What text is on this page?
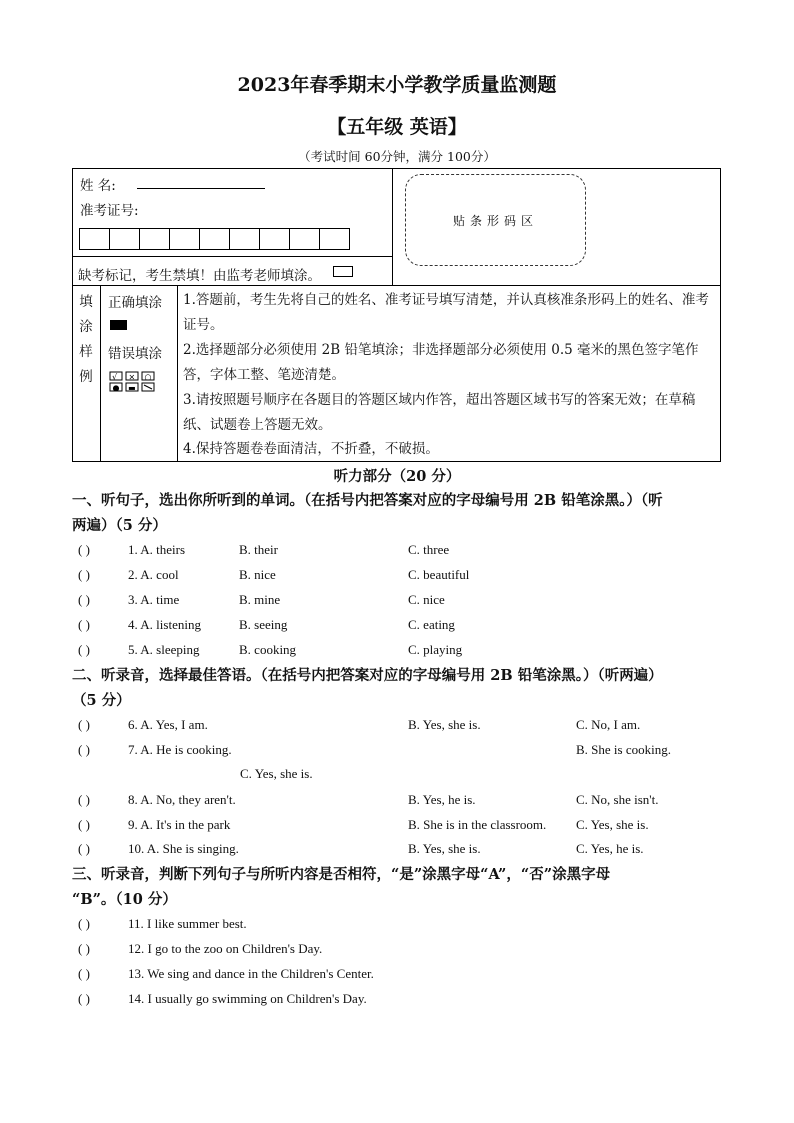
2023年春季期末小学教学质量监测题
【五年级 英语】
（考试时间 60分钟，满分 100分）
姓 名:
准考证号:
缺考标记，考生禁填！由监考老师填涂。
贴条形码区
填
涂
样
例
正确填涂
错误填涂
√ × ○
● ▬
1.答题前，考生先将自己的姓名、准考证号填写清楚，并认真核准条形码上的姓名、准考证号。
2.选择题部分必须使用 2B 铅笔填涂；非选择题部分必须使用 0.5 毫米的黑色签字笔作答，字体工整、笔迹清楚。
3.请按照题号顺序在各题目的答题区域内作答，超出答题区域书写的答案无效；在草稿纸、试题卷上答题无效。
4.保持答题卷卷面清洁，不折叠，不破损。
听力部分（20 分）
一、听句子，选出你所听到的单词。（在括号内把答案对应的字母编号用 2B 铅笔涂黑。）（听
两遍）（5 分）
( )	1. A. theirs	B. their	C. three
( )	2. A. cool	B. nice	C. beautiful
( )	3. A. time	B. mine	C. nice
( )	4. A. listening	B. seeing	C. eating
( )	5. A. sleeping	B. cooking	C. playing
二、听录音，选择最佳答语。（在括号内把答案对应的字母编号用 2B 铅笔涂黑。）（听两遍）
（5 分）
( )	6. A. Yes, I am.	B. Yes, she is.	C. No, I am.
( )	7. A. He is cooking.	B. She is cooking.
C. Yes, she is.
( )	8. A. No, they aren't.	B. Yes, he is.	C. No, she isn't.
( )	9. A. It's in the park	B. She is in the classroom. C. Yes, she is.
( )	10. A. She is singing.	B. Yes, she is.	C. Yes, he is.
三、听录音，判断下列句子与所听内容是否相符，“是”涂黑字母“A”，“否”涂黑字母
“B”。（10 分）
( )	11. I like summer best.
( )	12. I go to the zoo on Children's Day.
( )	13. We sing and dance in the Children's Center.
( )	14. I usually go swimming on Children's Day.
